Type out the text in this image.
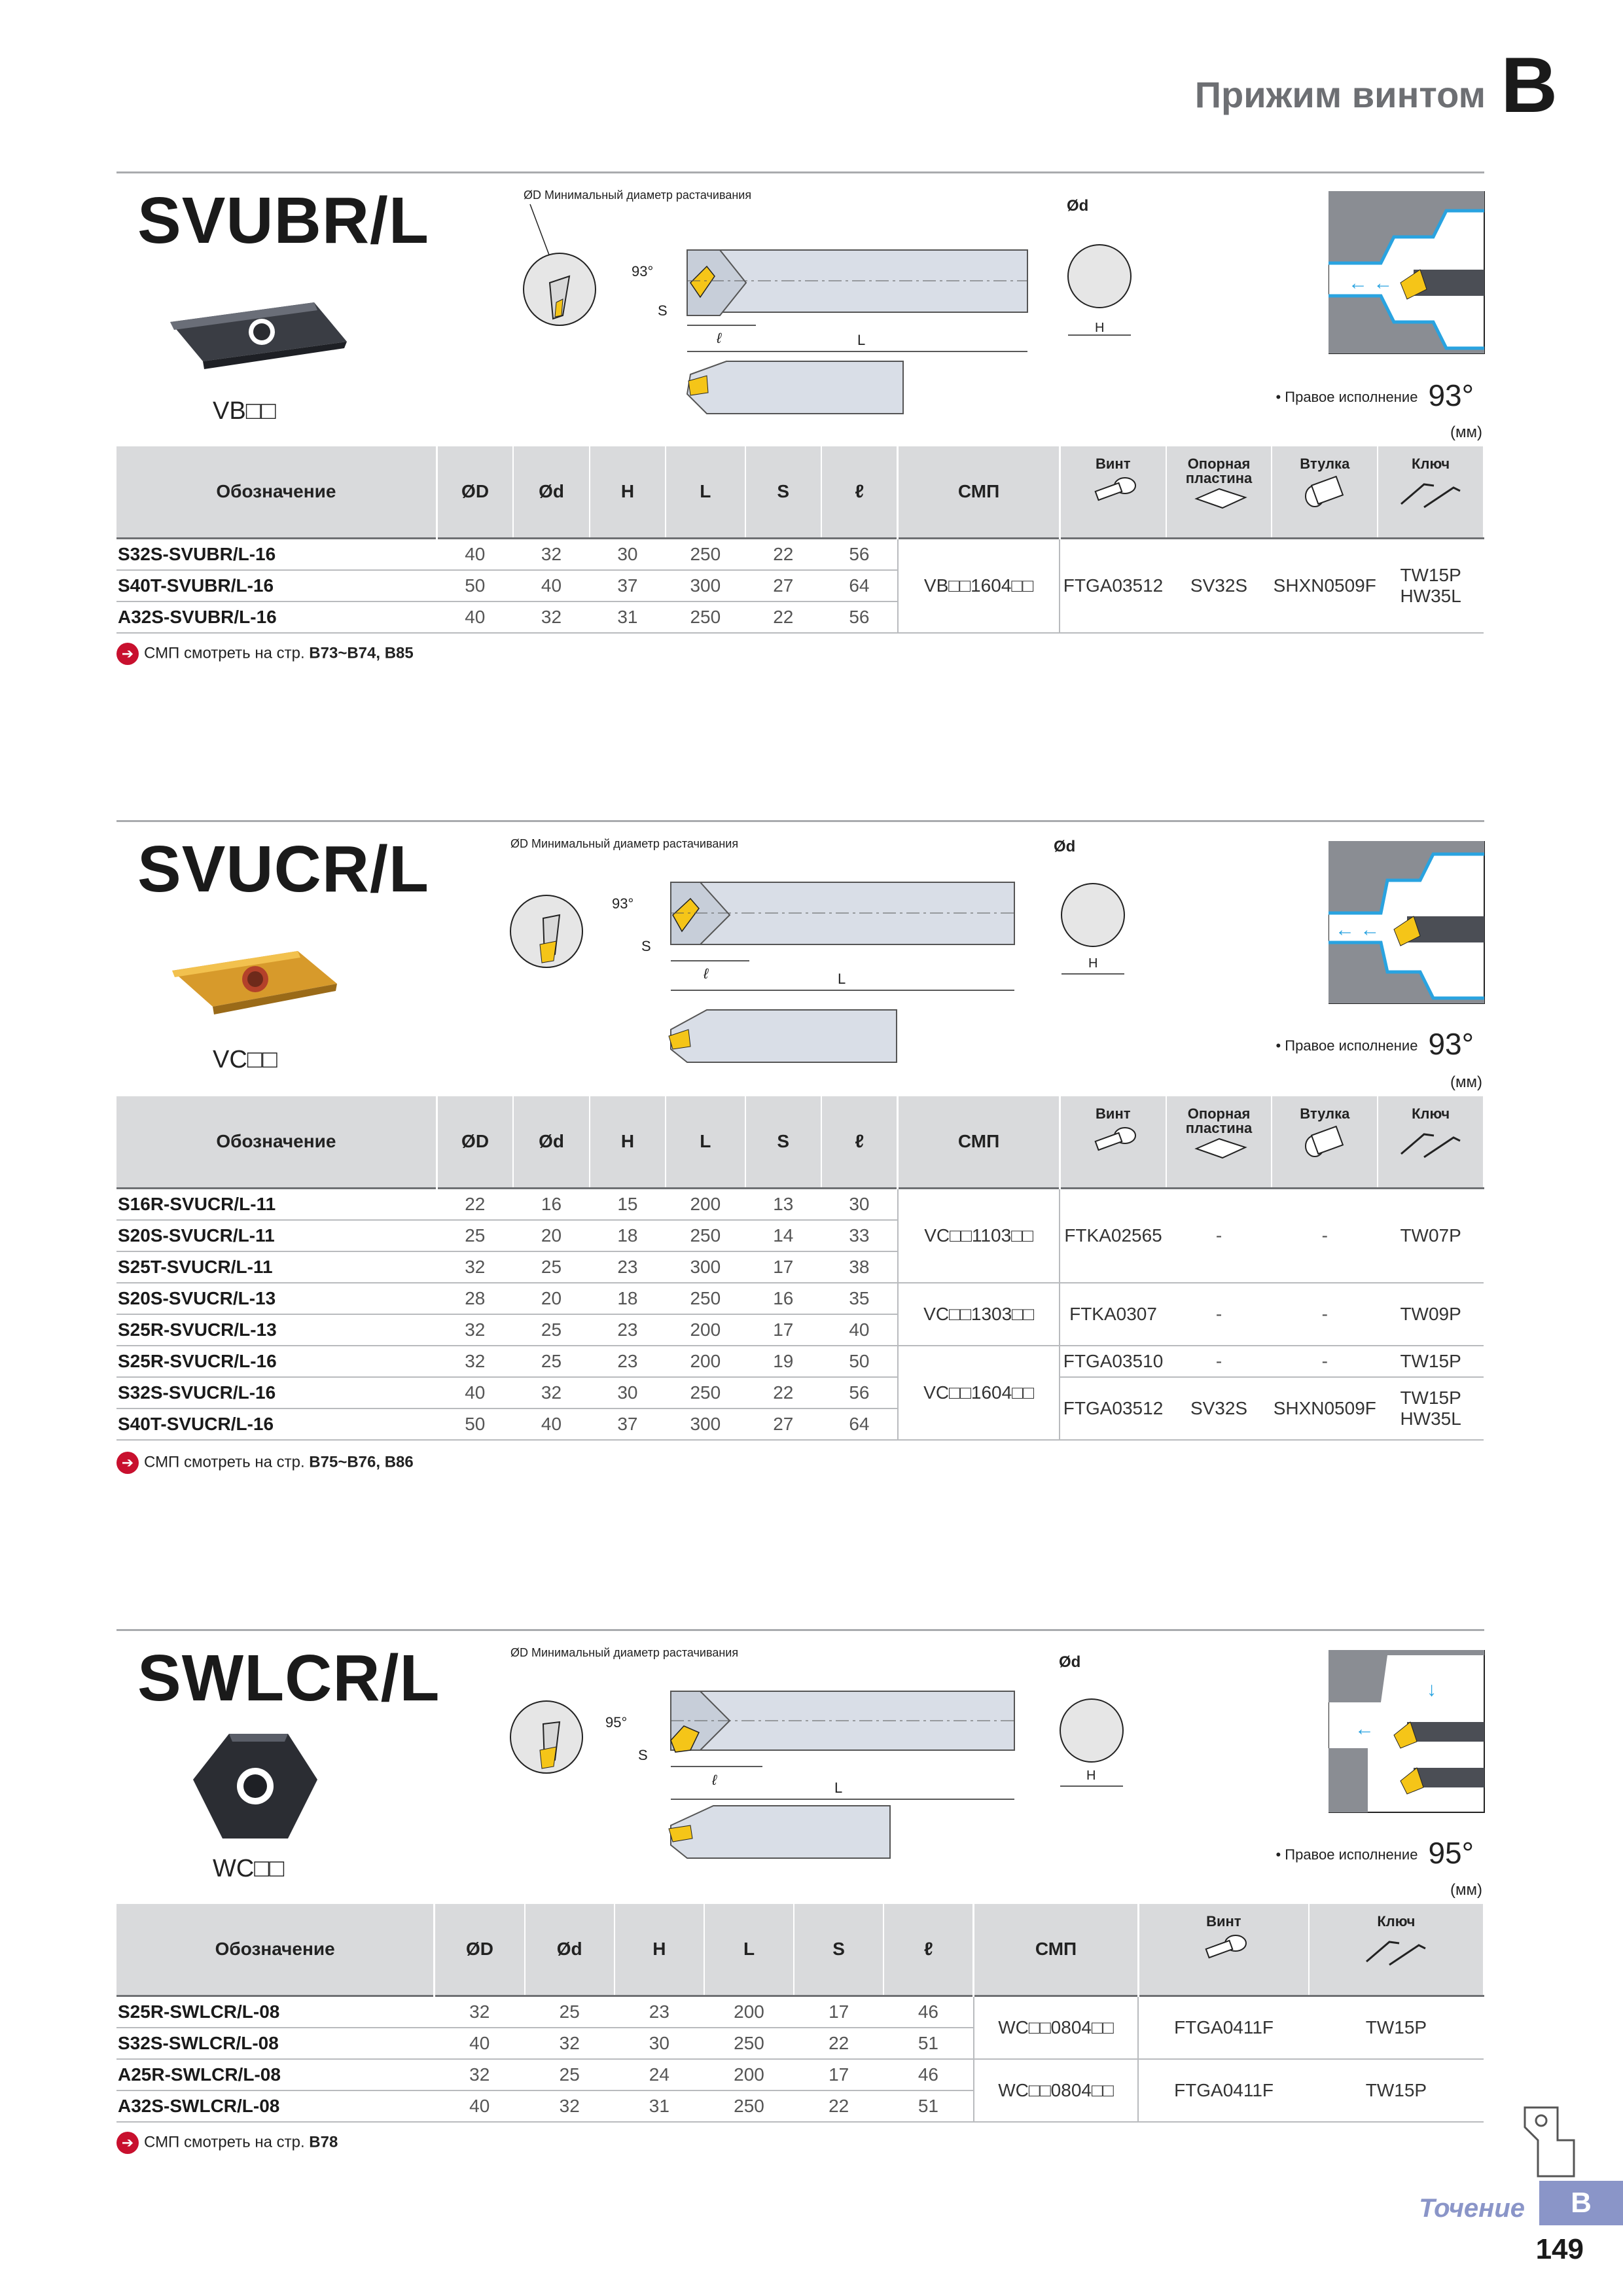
Прижим винтом B
SVUBR/L
VB□□
ØD Минимальный диаметр растачивания
93°
S
ℓ	L
Ød
H
← ←
• Правое исполнение 93°
(мм)
Обозначение	ØD	Ød	H	L	S	ℓ	СМП	Винт	Опорная пластина	Втулка	Ключ

S32S-SVUBR/L-16	40	32	30	250	22	56	VB□□1604□□	FTGA03512	SV32S	SHXN0509F	TW15P
HW35L
S40T-SVUBR/L-16	50	40	37	300	27	64					
A32S-SVUBR/L-16	40	32	31	250	22	56					
➔ СМП смотреть на стр. B73~B74, B85
SVUCR/L
VC□□
ØD Минимальный диаметр растачивания
93°
S
ℓ	L
Ød
H
← ←
• Правое исполнение 93°
(мм)
Обозначение	ØD	Ød	H	L	S	ℓ	СМП	Винт	Опорная пластина	Втулка	Ключ

S16R-SVUCR/L-11	22	16	15	200	13	30	VC□□1103□□	FTKA02565	-	-	TW07P
S20S-SVUCR/L-11	25	20	18	250	14	33					
S25T-SVUCR/L-11	32	25	23	300	17	38					
S20S-SVUCR/L-13	28	20	18	250	16	35	VC□□1303□□	FTKA0307	-	-	TW09P
S25R-SVUCR/L-13	32	25	23	200	17	40					
S25R-SVUCR/L-16	32	25	23	200	19	50	VC□□1604□□	FTGA03510	-	-	TW15P
S32S-SVUCR/L-16	40	32	30	250	22	56		FTGA03512	SV32S	SHXN0509F	TW15P
HW35L
S40T-SVUCR/L-16	50	40	37	300	27	64					
➔ СМП смотреть на стр. B75~B76, B86
SWLCR/L
WC□□
ØD Минимальный диаметр растачивания
95°
S
ℓ	L
Ød
H
←
↓
• Правое исполнение 95°
(мм)
Обозначение	ØD	Ød	H	L	S	ℓ	СМП	Винт	Ключ

S25R-SWLCR/L-08	32	25	23	200	17	46	WC□□0804□□	FTGA0411F	TW15P
S32S-SWLCR/L-08	40	32	30	250	22	51			
A25R-SWLCR/L-08	32	25	24	200	17	46	WC□□0804□□	FTGA0411F	TW15P
A32S-SWLCR/L-08	40	32	31	250	22	51			
➔ СМП смотреть на стр. B78
Точение	B
149
